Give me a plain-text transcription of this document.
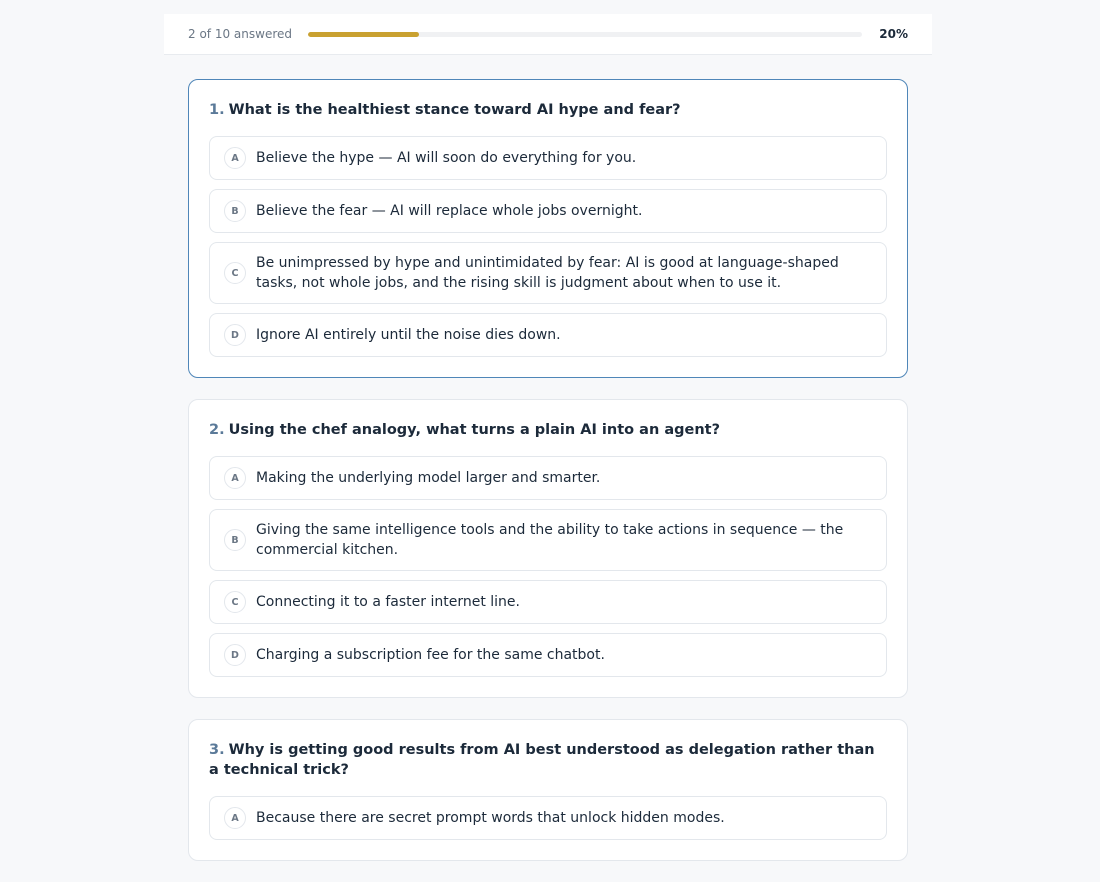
2 of 10 answered	20%
1. What is the healthiest stance toward AI hype and fear?
A	Believe the hype — AI will soon do everything for you.
B	Believe the fear — AI will replace whole jobs overnight.
C
Be unimpressed by hype and unintimidated by fear: AI is good at language-shaped tasks, not whole jobs, and the rising skill is judgment about when to use it.
D	Ignore AI entirely until the noise dies down.
2. Using the chef analogy, what turns a plain AI into an agent?
A	Making the underlying model larger and smarter.
B
Giving the same intelligence tools and the ability to take actions in sequence — the commercial kitchen.
C	Connecting it to a faster internet line.
D	Charging a subscription fee for the same chatbot.
3. Why is getting good results from AI best understood as delegation rather than a technical trick?
A	Because there are secret prompt words that unlock hidden modes.
